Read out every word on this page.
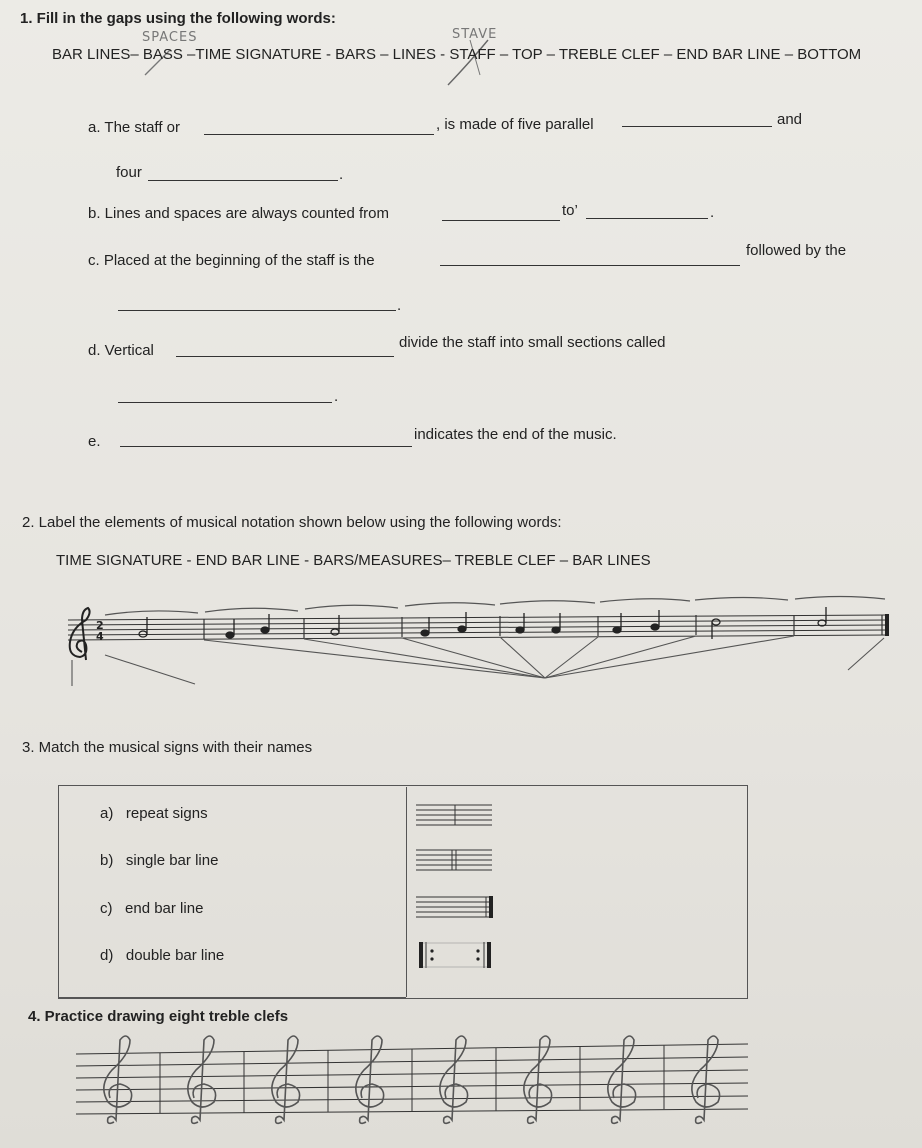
1. Fill in the gaps using the following words:
SPACES	STAVE
BAR LINES– BASS –TIME SIGNATURE - BARS – LINES - STAFF – TOP – TREBLE CLEF – END BAR LINE – BOTTOM
a. The staff or	, is made of five parallel	and
four	.
b. Lines and spaces are always counted from	to’	.
c. Placed at the beginning of the staff is the
followed by the
.
d. Vertical	divide the staff into small sections called
.
e.	indicates the end of the music.
2. Label the elements of musical notation shown below using the following words:
TIME SIGNATURE - END BAR LINE - BARS/MEASURES– TREBLE CLEF – BAR LINES
2
4
3. Match the musical signs with their names
a) repeat signs
b) single bar line
c) end bar line
d) double bar line
4. Practice drawing eight treble clefs
